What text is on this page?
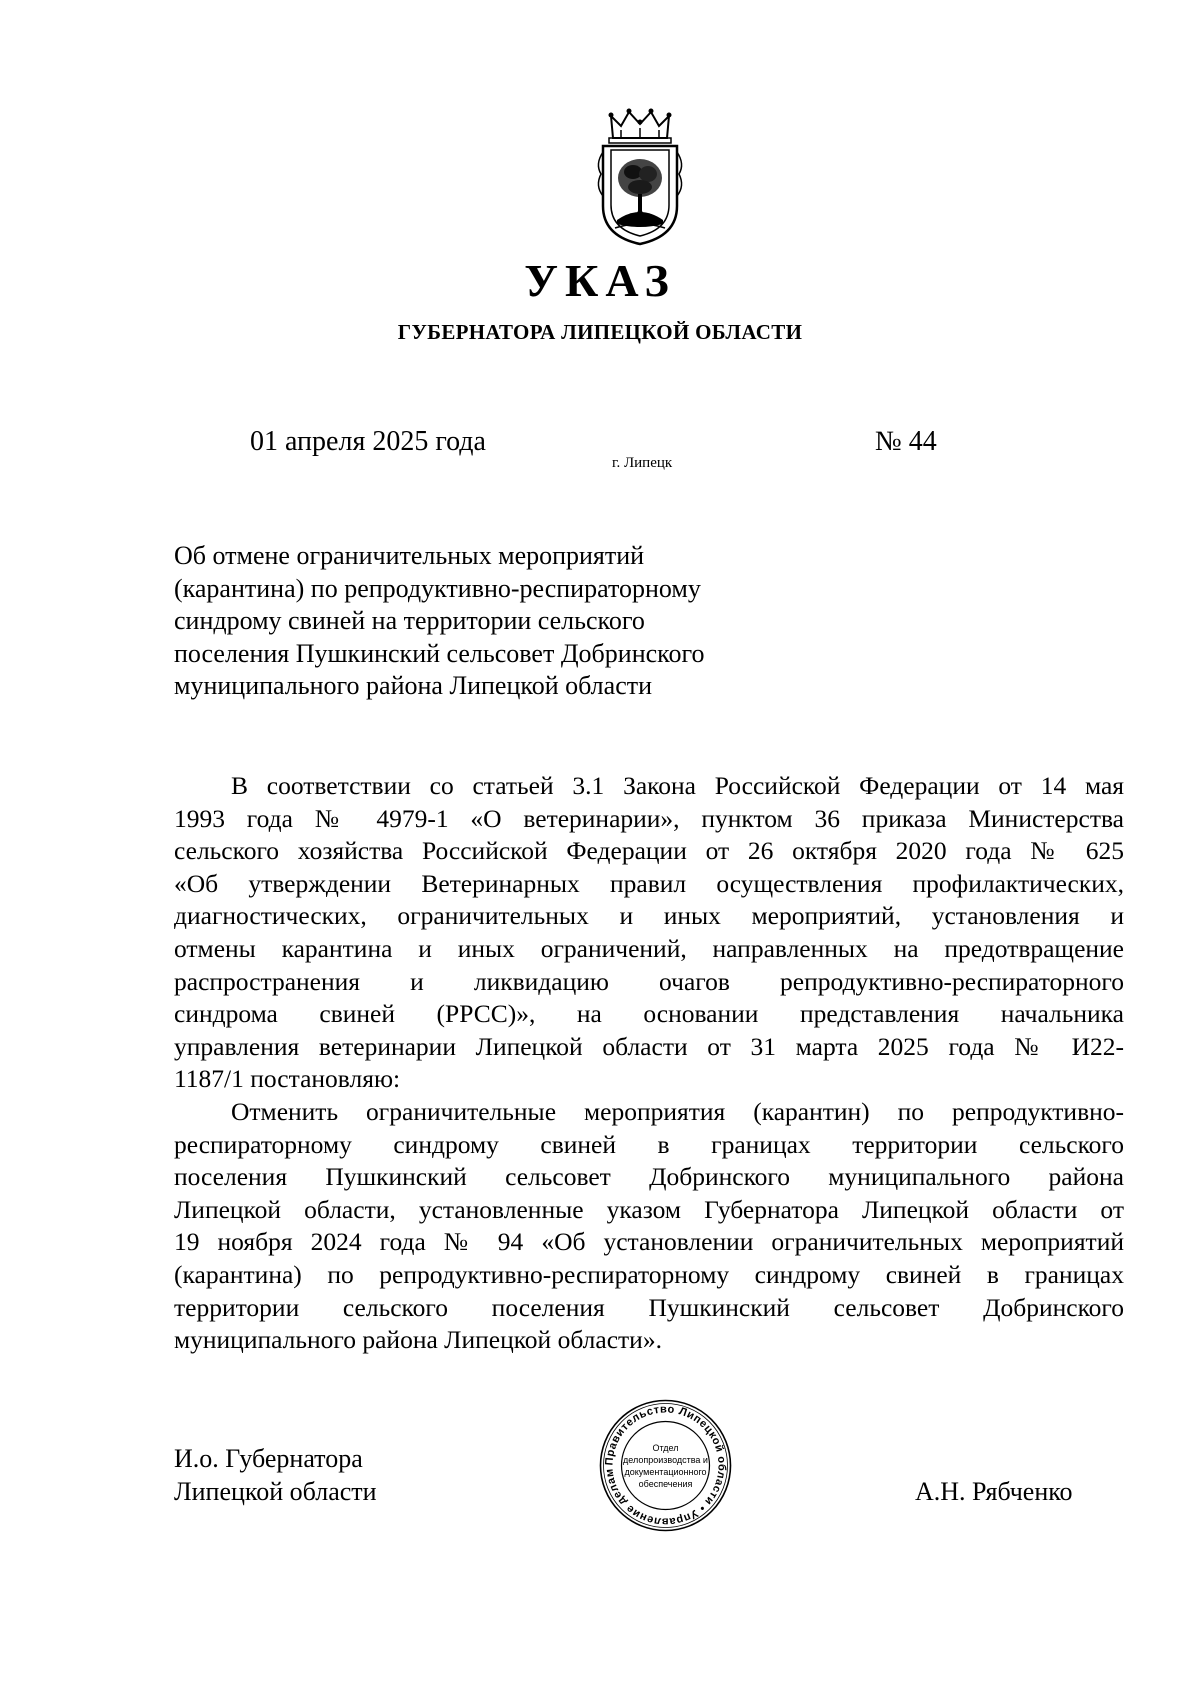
УКАЗ
ГУБЕРНАТОРА ЛИПЕЦКОЙ ОБЛАСТИ
01 апреля 2025 года
г. Липецк
№ 44
Об отмене ограничительных мероприятий
(карантина) по репродуктивно-респираторному
синдрому свиней на территории сельского
поселения Пушкинский сельсовет Добринского
муниципального района Липецкой области
В соответствии со статьей 3.1 Закона Российской Федерации от 14 мая
1993 года № 4979-1 «О ветеринарии», пунктом 36 приказа Министерства
сельского хозяйства Российской Федерации от 26 октября 2020 года № 625
«Об утверждении Ветеринарных правил осуществления профилактических,
диагностических, ограничительных и иных мероприятий, установления и
отмены карантина и иных ограничений, направленных на предотвращение
распространения и ликвидацию очагов репродуктивно-респираторного
синдрома свиней (РРСС)», на основании представления начальника
управления ветеринарии Липецкой области от 31 марта 2025 года № И22-
1187/1 постановляю:
Отменить ограничительные мероприятия (карантин) по репродуктивно-
респираторному синдрому свиней в границах территории сельского
поселения Пушкинский сельсовет Добринского муниципального района
Липецкой области, установленные указом Губернатора Липецкой области от
19 ноября 2024 года № 94 «Об установлении ограничительных мероприятий
(карантина) по репродуктивно-респираторному синдрому свиней в границах
территории сельского поселения Пушкинский сельсовет Добринского
муниципального района Липецкой области».
И.о. Губернатора
Липецкой области
Правительство Липецкой области • Управление делам
Отдел
делопроизводства и
документационного
обеспечения	А.Н. Рябченко
